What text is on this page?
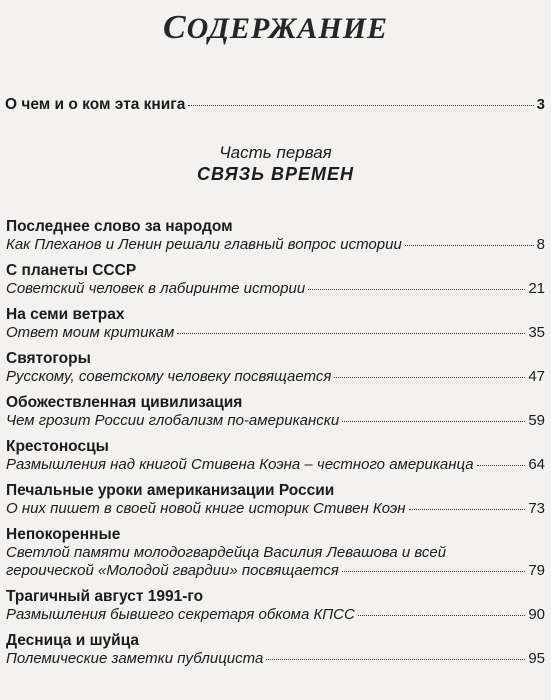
СОДЕРЖАНИЕ
О чем и о ком эта книга	3
Часть первая
СВЯЗЬ ВРЕМЕН
Последнее слово за народом
Как Плеханов и Ленин решали главный вопрос истории	8
С планеты СССР
Советский человек в лабиринте истории	21
На семи ветрах
Ответ моим критикам	35
Святогоры
Русскому, советскому человеку посвящается	47
Обожествленная цивилизация
Чем грозит России глобализм по-американски	59
Крестоносцы
Размышления над книгой Стивена Коэна – честного американца	64
Печальные уроки американизации России
О них пишет в своей новой книге историк Стивен Коэн	73
Непокоренные
Светлой памяти молодогвардейца Василия Левашова и всей
героической «Молодой гвардии» посвящается	79
Трагичный август 1991-го
Размышления бывшего секретаря обкома КПСС	90
Десница и шуйца
Полемические заметки публициста	95
